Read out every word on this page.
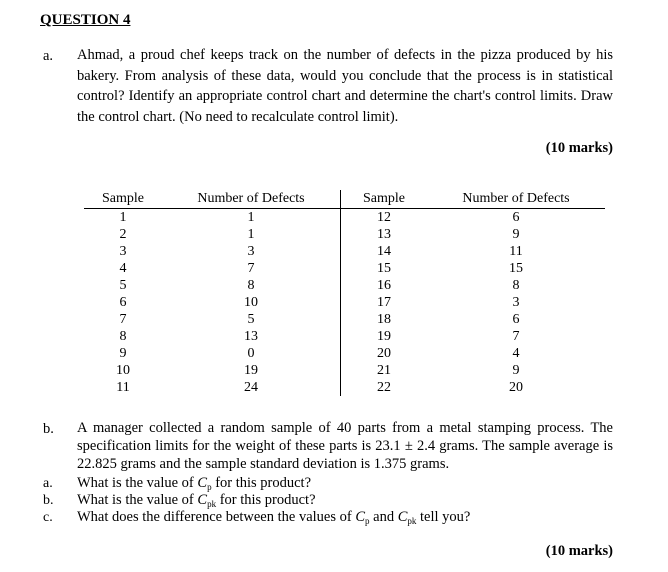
QUESTION 4
a. Ahmad, a proud chef keeps track on the number of defects in the pizza produced by his bakery. From analysis of these data, would you conclude that the process is in statistical control? Identify an appropriate control chart and determine the chart's control limits. Draw the control chart. (No need to recalculate control limit).
(10 marks)
Sample	Number of Defects	Sample	Number of Defects
1	1	12	6
2	1	13	9
3	3	14	11
4	7	15	15
5	8	16	8
6	10	17	3
7	5	18	6
8	13	19	7
9	0	20	4
10	19	21	9
11	24	22	20
b. A manager collected a random sample of 40 parts from a metal stamping process. The specification limits for the weight of these parts is 23.1 ± 2.4 grams. The sample average is 22.825 grams and the sample standard deviation is 1.375 grams.
a. What is the value of $C_p$ for this product?
b. What is the value of $C_{pk}$ for this product?
c. What does the difference between the values of $C_p$ and $C_{pk}$ tell you?
(10 marks)
